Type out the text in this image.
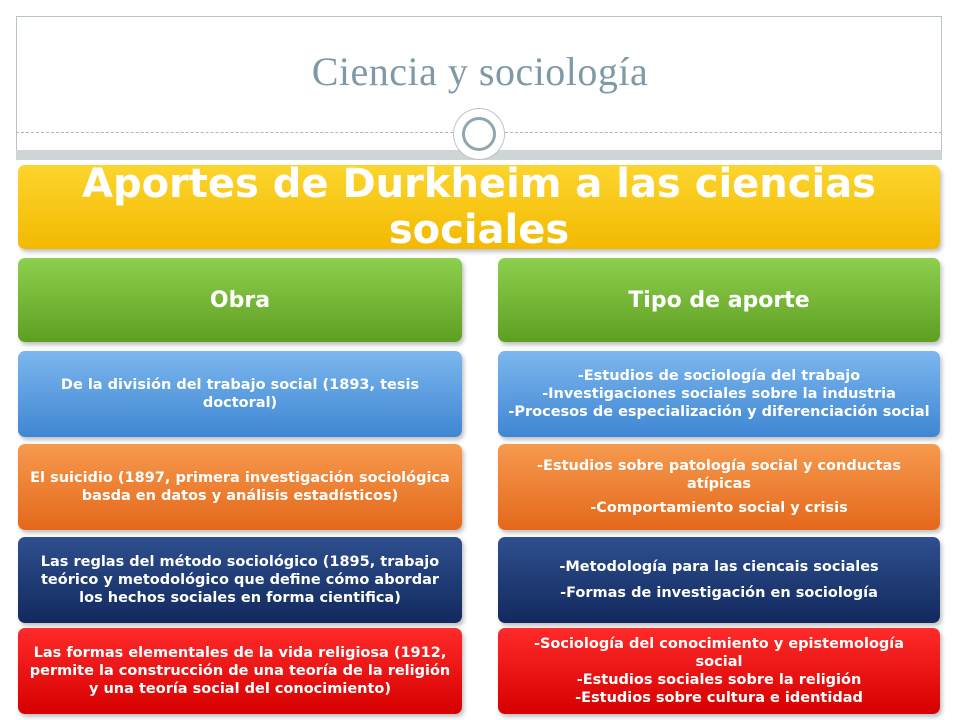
Ciencia y sociología
Aportes de Durkheim a las ciencias sociales
Obra	Tipo de aporte
De la división del trabajo social (1893, tesis doctoral)
-Estudios de sociología del trabajo
-Investigaciones sociales sobre la industria
-Procesos de especialización y diferenciación social
El suicidio (1897, primera investigación sociológica basda en datos y análisis estadísticos)
-Estudios sobre patología social y conductas atípicas
-Comportamiento social y crisis
Las reglas del método sociológico (1895, trabajo teórico y metodológico que define cómo abordar los hechos sociales en forma cientifica)
-Metodología para las ciencais sociales
-Formas de investigación en sociología
Las formas elementales de la vida religiosa (1912, permite la construcción de una teoría de la religión y una teoría social del conocimiento)
-Sociología del conocimiento y epistemología social
-Estudios sociales sobre la religión
-Estudios sobre cultura e identidad
